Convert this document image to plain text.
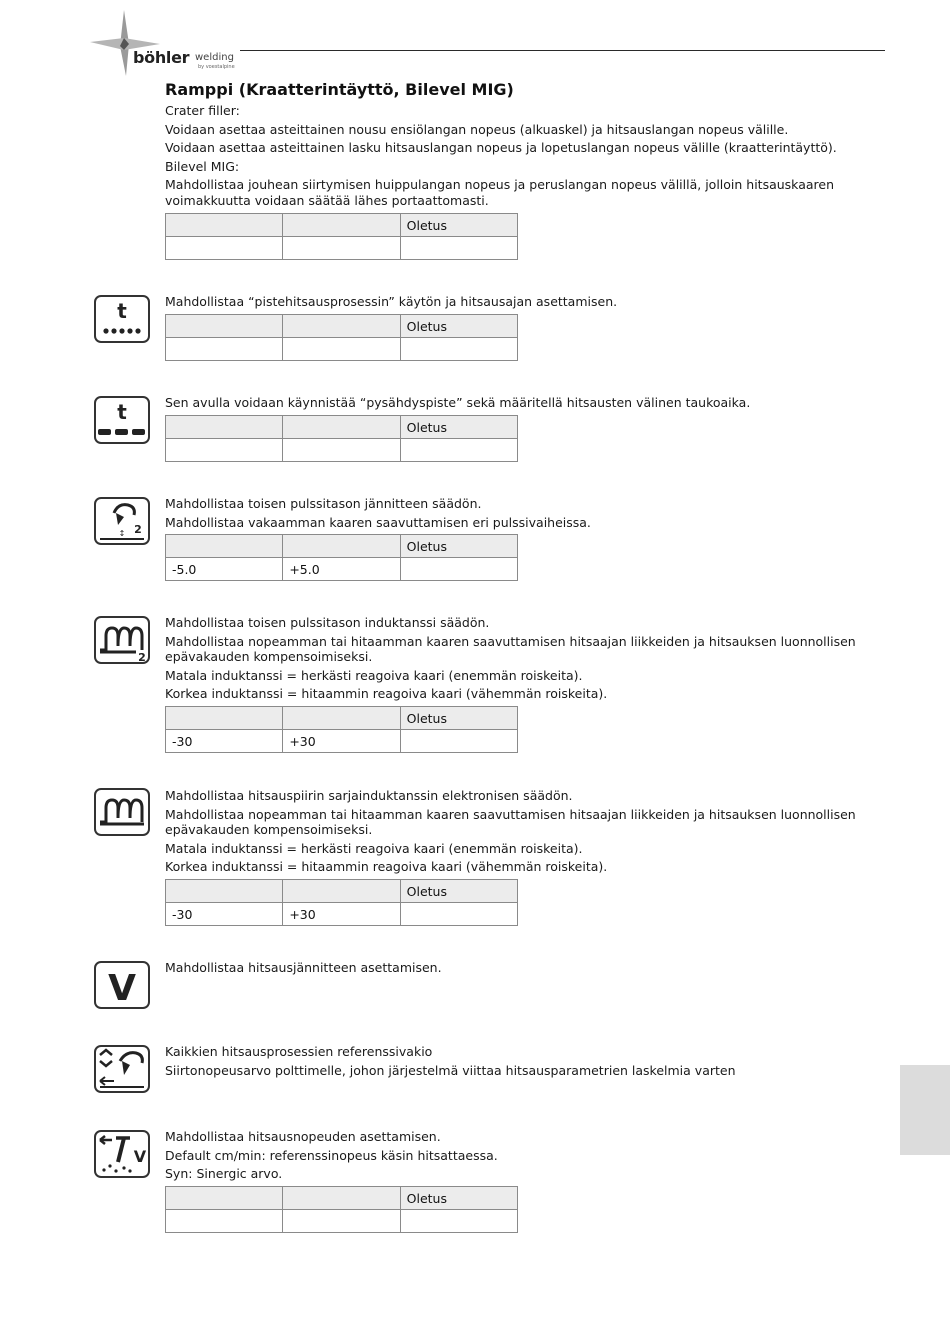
böhler welding
by voestalpine
Ramppi (Kraatterintäyttö, Bilevel MIG)
Crater filler:
Voidaan asettaa asteittainen nousu ensiölangan nopeus (alkuaskel) ja hitsauslangan nopeus välille.
Voidaan asettaa asteittainen lasku hitsauslangan nopeus ja lopetuslangan nopeus välille (kraatterintäyttö).
Bilevel MIG:
Mahdollistaa jouhean siirtymisen huippulangan nopeus ja peruslangan nopeus välillä, jolloin hitsauskaaren
voimakkuutta voidaan säätää lähes portaattomasti.
		Oletus

t	Mahdollistaa “pistehitsausprosessin” käytön ja hitsausajan asettamisen.
		Oletus

t	Sen avulla voidaan käynnistää “pysähdyspiste” sekä määritellä hitsausten välinen taukoaika.
		Oletus

↕ 2
Mahdollistaa toisen pulssitason jännitteen säädön.
Mahdollistaa vakaamman kaaren saavuttamisen eri pulssivaiheissa.
		Oletus
-5.0	+5.0	
2
Mahdollistaa toisen pulssitason induktanssi säädön.
Mahdollistaa nopeamman tai hitaamman kaaren saavuttamisen hitsaajan liikkeiden ja hitsauksen luonnollisen
epävakauden kompensoimiseksi.
Matala induktanssi = herkästi reagoiva kaari (enemmän roiskeita).
Korkea induktanssi = hitaammin reagoiva kaari (vähemmän roiskeita).
		Oletus
-30	+30	
Mahdollistaa hitsauspiirin sarjainduktanssin elektronisen säädön.
Mahdollistaa nopeamman tai hitaamman kaaren saavuttamisen hitsaajan liikkeiden ja hitsauksen luonnollisen
epävakauden kompensoimiseksi.
Matala induktanssi = herkästi reagoiva kaari (enemmän roiskeita).
Korkea induktanssi = hitaammin reagoiva kaari (vähemmän roiskeita).
		Oletus
-30	+30	
V
Mahdollistaa hitsausjännitteen asettamisen.
Kaikkien hitsausprosessien referenssivakio
Siirtonopeusarvo polttimelle, johon järjestelmä viittaa hitsausparametrien laskelmia varten
V
Mahdollistaa hitsausnopeuden asettamisen.
Default cm/min: referenssinopeus käsin hitsattaessa.
Syn: Sinergic arvo.
		Oletus
